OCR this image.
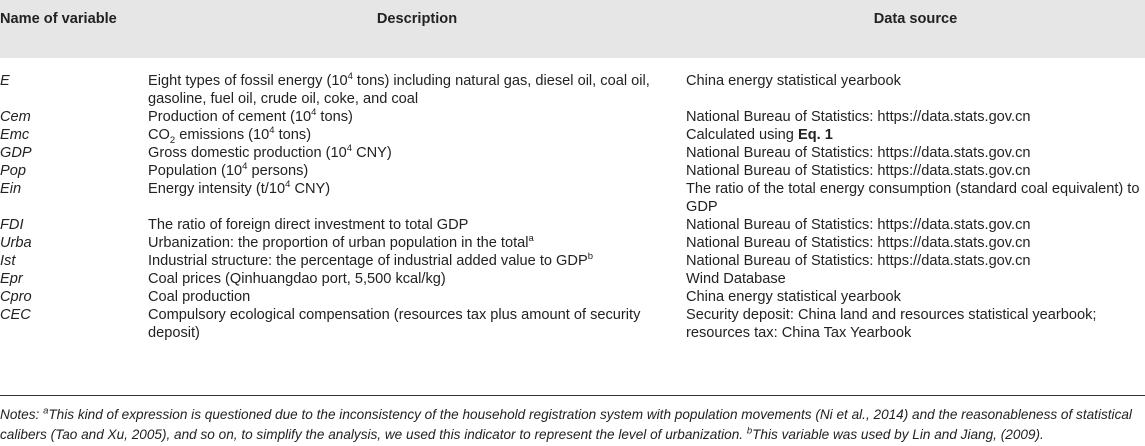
Name of variable	Description	Data source

E	Eight types of fossil energy ($10^4$ tons) including natural gas, diesel oil, coal oil, gasoline, fuel oil, crude oil, coke, and coal	China energy statistical yearbook
Cem	Production of cement ($10^4$ tons)	National Bureau of Statistics: https://data.stats.gov.cn
Emc	$CO_2$ emissions ($10^4$ tons)	Calculated using Eq. 1
GDP	Gross domestic production ($10^4$ CNY)	National Bureau of Statistics: https://data.stats.gov.cn
Pop	Population ($10^4$ persons)	National Bureau of Statistics: https://data.stats.gov.cn
Ein	Energy intensity ($t/10^4$ CNY)	The ratio of the total energy consumption (standard coal equivalent) to GDP
FDI	The ratio of foreign direct investment to total GDP	National Bureau of Statistics: https://data.stats.gov.cn
Urba	Urbanization: the proportion of urban population in the total$^a$	National Bureau of Statistics: https://data.stats.gov.cn
Ist	Industrial structure: the percentage of industrial added value to GDP$^b$	National Bureau of Statistics: https://data.stats.gov.cn
Epr	Coal prices (Qinhuangdao port, 5,500 kcal/kg)	Wind Database
Cpro	Coal production	China energy statistical yearbook
CEC	Compulsory ecological compensation (resources tax plus amount of security deposit)	Security deposit: China land and resources statistical yearbook; resources tax: China Tax Yearbook
Notes: $^a$This kind of expression is questioned due to the inconsistency of the household registration system with population movements (Ni et al., 2014) and the reasonableness of statistical calibers (Tao and Xu, 2005), and so on, to simplify the analysis, we used this indicator to represent the level of urbanization. $^b$This variable was used by Lin and Jiang, (2009).
